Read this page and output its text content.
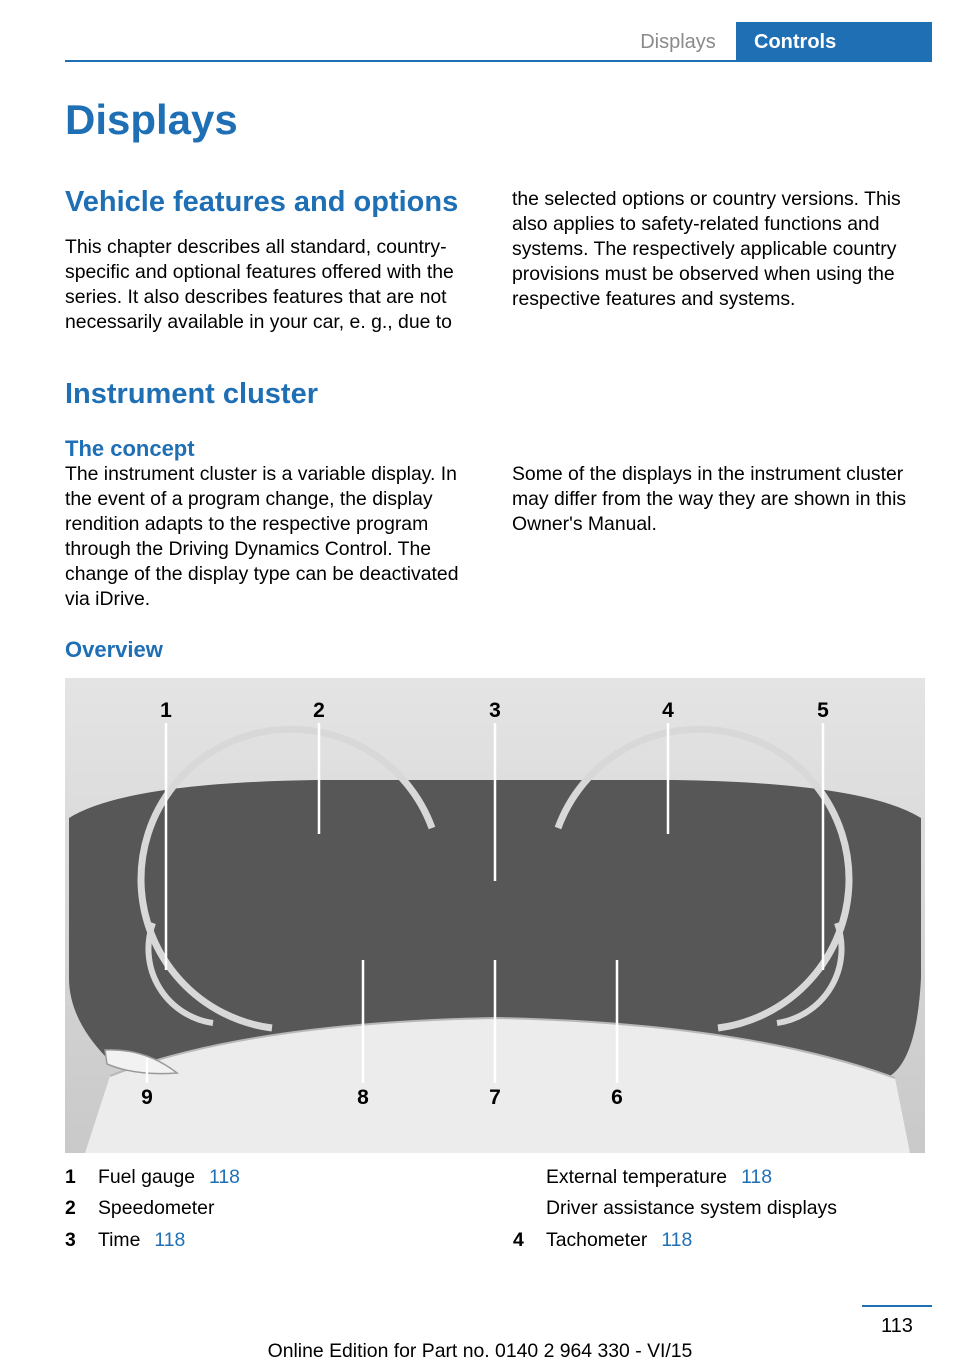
Displays	Controls
Displays
Vehicle features and options

This chapter describes all standard, country-specific and optional features offered with the series. It also describes features that are not necessarily available in your car, e. g., due to

the selected options or country versions. This also applies to safety-related functions and systems. The respectively applicable country provisions must be observed when using the respective features and systems.

Instrument cluster
The concept

The instrument cluster is a variable display. In the event of a program change, the display rendition adapts to the respective program through the Driving Dynamics Control. The change of the display type can be deactivated via iDrive.

Some of the displays in the instrument cluster may differ from the way they are shown in this Owner's Manual.

Overview
1	2	3	4	5
6
7
8
9
1 Fuel gauge 118
2 Speedometer
3 Time 118
External temperature 118
Driver assistance system displays
4 Tachometer 118
113
Online Edition for Part no. 0140 2 964 330 - VI/15
